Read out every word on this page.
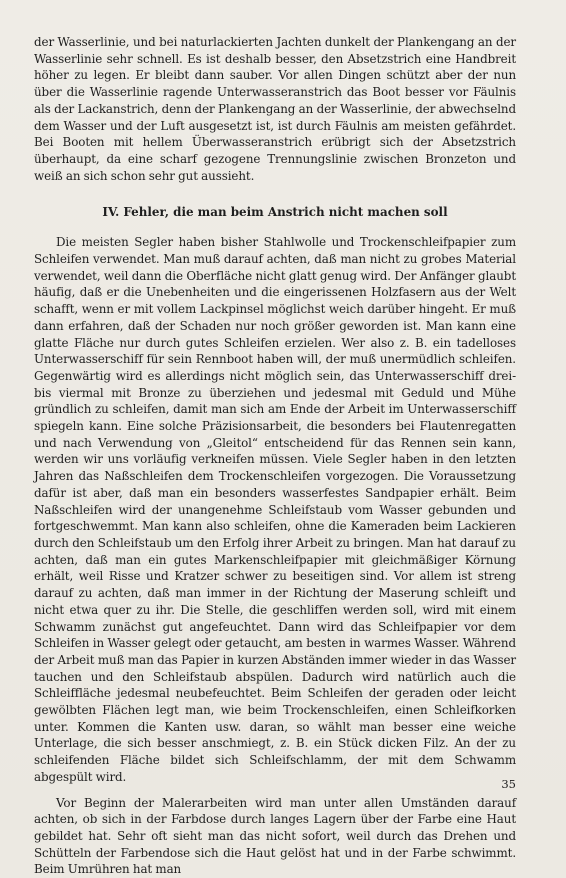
der Wasserlinie, und bei naturlackierten Jachten dunkelt der Plankengang an der Wasserlinie sehr schnell. Es ist deshalb besser, den Absetzstrich eine Handbreit höher zu legen. Er bleibt dann sauber. Vor allen Dingen schützt aber der nun über die Wasserlinie ragende Unterwasseranstrich das Boot besser vor Fäulnis als der Lackanstrich, denn der Plankengang an der Wasserlinie, der abwechselnd dem Wasser und der Luft ausgesetzt ist, ist durch Fäulnis am meisten gefährdet. Bei Booten mit hellem Überwasseranstrich erübrigt sich der Absetzstrich überhaupt, da eine scharf gezogene Trennungslinie zwischen Bronzeton und weiß an sich schon sehr gut aussieht.

IV. Fehler, die man beim Anstrich nicht machen soll

Die meisten Segler haben bisher Stahlwolle und Trockenschleifpapier zum Schleifen verwendet. Man muß darauf achten, daß man nicht zu grobes Material verwendet, weil dann die Oberfläche nicht glatt genug wird. Der Anfänger glaubt häufig, daß er die Unebenheiten und die eingerissenen Holzfasern aus der Welt schafft, wenn er mit vollem Lackpinsel möglichst weich darüber hingeht. Er muß dann erfahren, daß der Schaden nur noch größer geworden ist. Man kann eine glatte Fläche nur durch gutes Schleifen erzielen. Wer also z. B. ein tadelloses Unterwasserschiff für sein Rennboot haben will, der muß unermüdlich schleifen. Gegenwärtig wird es allerdings nicht möglich sein, das Unterwasserschiff drei- bis viermal mit Bronze zu überziehen und jedesmal mit Geduld und Mühe gründlich zu schleifen, damit man sich am Ende der Arbeit im Unterwasserschiff spiegeln kann. Eine solche Präzisionsarbeit, die besonders bei Flautenregatten und nach Verwendung von „Gleitol“ entscheidend für das Rennen sein kann, werden wir uns vorläufig verkneifen müssen. Viele Segler haben in den letzten Jahren das Naßschleifen dem Trockenschleifen vorgezogen. Die Voraussetzung dafür ist aber, daß man ein besonders wasserfestes Sandpapier erhält. Beim Naßschleifen wird der unangenehme Schleifstaub vom Wasser gebunden und fortgeschwemmt. Man kann also schleifen, ohne die Kameraden beim Lackieren durch den Schleifstaub um den Erfolg ihrer Arbeit zu bringen. Man hat darauf zu achten, daß man ein gutes Markenschleifpapier mit gleichmäßiger Körnung erhält, weil Risse und Kratzer schwer zu beseitigen sind. Vor allem ist streng darauf zu achten, daß man immer in der Richtung der Maserung schleift und nicht etwa quer zu ihr. Die Stelle, die geschliffen werden soll, wird mit einem Schwamm zunächst gut angefeuchtet. Dann wird das Schleifpapier vor dem Schleifen in Wasser gelegt oder getaucht, am besten in warmes Wasser. Während der Arbeit muß man das Papier in kurzen Abständen immer wieder in das Wasser tauchen und den Schleifstaub abspülen. Dadurch wird natürlich auch die Schleiffläche jedesmal neubefeuchtet. Beim Schleifen der geraden oder leicht gewölbten Flächen legt man, wie beim Trockenschleifen, einen Schleifkorken unter. Kommen die Kanten usw. daran, so wählt man besser eine weiche Unterlage, die sich besser anschmiegt, z. B. ein Stück dicken Filz. An der zu schleifenden Fläche bildet sich Schleifschlamm, der mit dem Schwamm abgespült wird.

Vor Beginn der Malerarbeiten wird man unter allen Umständen darauf achten, ob sich in der Farbdose durch langes Lagern über der Farbe eine Haut gebildet hat. Sehr oft sieht man das nicht sofort, weil durch das Drehen und Schütteln der Farbendose sich die Haut gelöst hat und in der Farbe schwimmt. Beim Umrühren hat man

35
